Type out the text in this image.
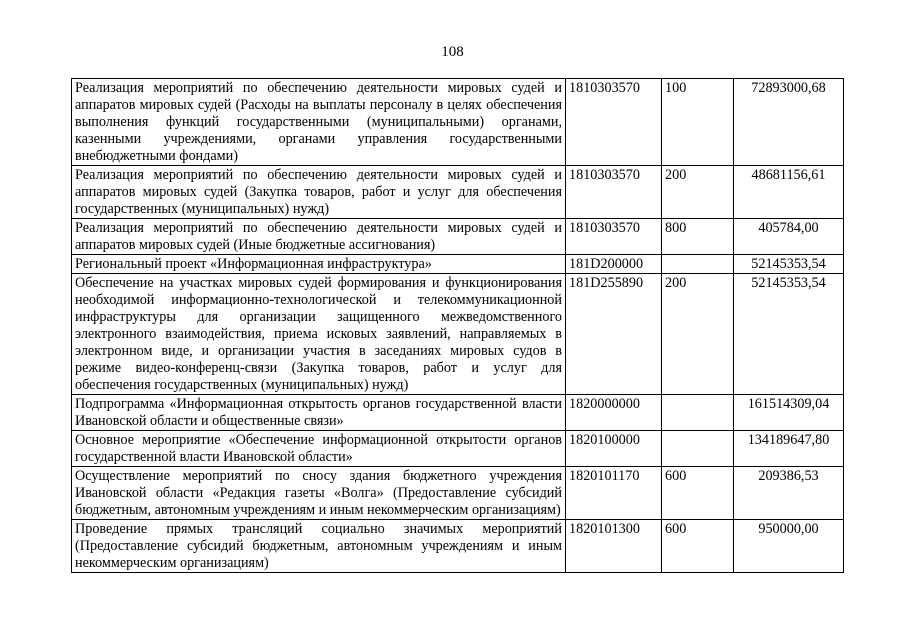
108
Реализация мероприятий по обеспечению деятельности мировых судей и аппаратов мировых судей (Расходы на выплаты персоналу в целях обеспечения выполнения функций государственными (муниципальными) органами, казенными учреждениями, органами управления государственными внебюджетными фондами)	1810303570	100	72893000,68
Реализация мероприятий по обеспечению деятельности мировых судей и аппаратов мировых судей (Закупка товаров, работ и услуг для обеспечения государственных (муниципальных) нужд)	1810303570	200	48681156,61
Реализация мероприятий по обеспечению деятельности мировых судей и аппаратов мировых судей (Иные бюджетные ассигнования)	1810303570	800	405784,00
Региональный проект «Информационная инфраструктура»	181D200000		52145353,54
Обеспечение на участках мировых судей формирования и функционирования необходимой информационно-технологической и телекоммуникационной инфраструктуры для организации защищенного межведомственного электронного взаимодействия, приема исковых заявлений, направляемых в электронном виде, и организации участия в заседаниях мировых судов в режиме видео-конференц-связи (Закупка товаров, работ и услуг для обеспечения государственных (муниципальных) нужд)	181D255890	200	52145353,54
Подпрограмма «Информационная открытость органов государственной власти Ивановской области и общественные связи»	1820000000		161514309,04
Основное мероприятие «Обеспечение информационной открытости органов государственной власти Ивановской области»	1820100000		134189647,80
Осуществление мероприятий по сносу здания бюджетного учреждения Ивановской области «Редакция газеты «Волга» (Предоставление субсидий бюджетным, автономным учреждениям и иным некоммерческим организациям)	1820101170	600	209386,53
Проведение прямых трансляций социально значимых мероприятий (Предоставление субсидий бюджетным, автономным учреждениям и иным некоммерческим организациям)	1820101300	600	950000,00
